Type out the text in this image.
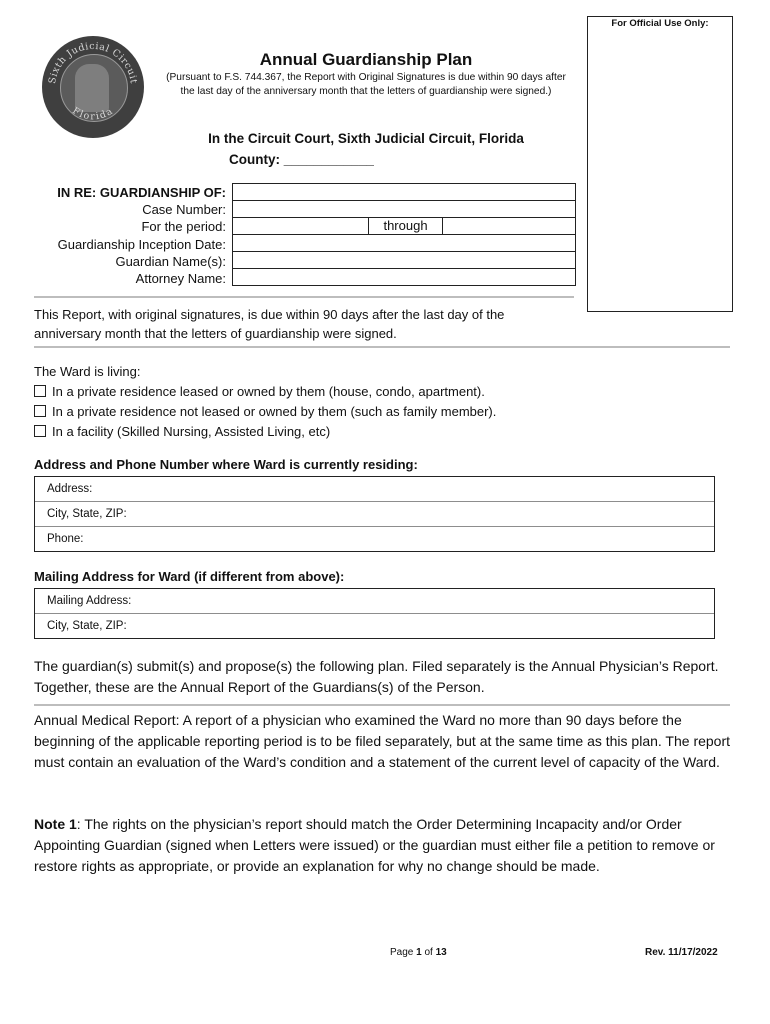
Sixth Judicial Circuit
Florida
For Official Use Only:
Annual Guardianship Plan
(Pursuant to F.S. 744.367, the Report with Original Signatures is due within 90 days after the last day of the anniversary month that the letters of guardianship were signed.)
In the Circuit Court, Sixth Judicial Circuit, Florida
County: ____________
IN RE: GUARDIANSHIP OF:
Case Number:
For the period:
Guardianship Inception Date:
Guardian Name(s):
Attorney Name:
through
This Report, with original signatures, is due within 90 days after the last day of the anniversary month that the letters of guardianship were signed.
The Ward is living:
In a private residence leased or owned by them (house, condo, apartment).
In a private residence not leased or owned by them (such as family member).
In a facility (Skilled Nursing, Assisted Living, etc)
Address and Phone Number where Ward is currently residing:
Address:
City, State, ZIP:
Phone:
Mailing Address for Ward (if different from above):
Mailing Address:
City, State, ZIP:
The guardian(s) submit(s) and propose(s) the following plan. Filed separately is the Annual Physician’s Report. Together, these are the Annual Report of the Guardians(s) of the Person.
Annual Medical Report: A report of a physician who examined the Ward no more than 90 days before the beginning of the applicable reporting period is to be filed separately, but at the same time as this plan. The report must contain an evaluation of the Ward’s condition and a statement of the current level of capacity of the Ward.
Note 1: The rights on the physician’s report should match the Order Determining Incapacity and/or Order Appointing Guardian (signed when Letters were issued) or the guardian must either file a petition to remove or restore rights as appropriate, or provide an explanation for why no change should be made.
Page 1 of 13	Rev. 11/17/2022
